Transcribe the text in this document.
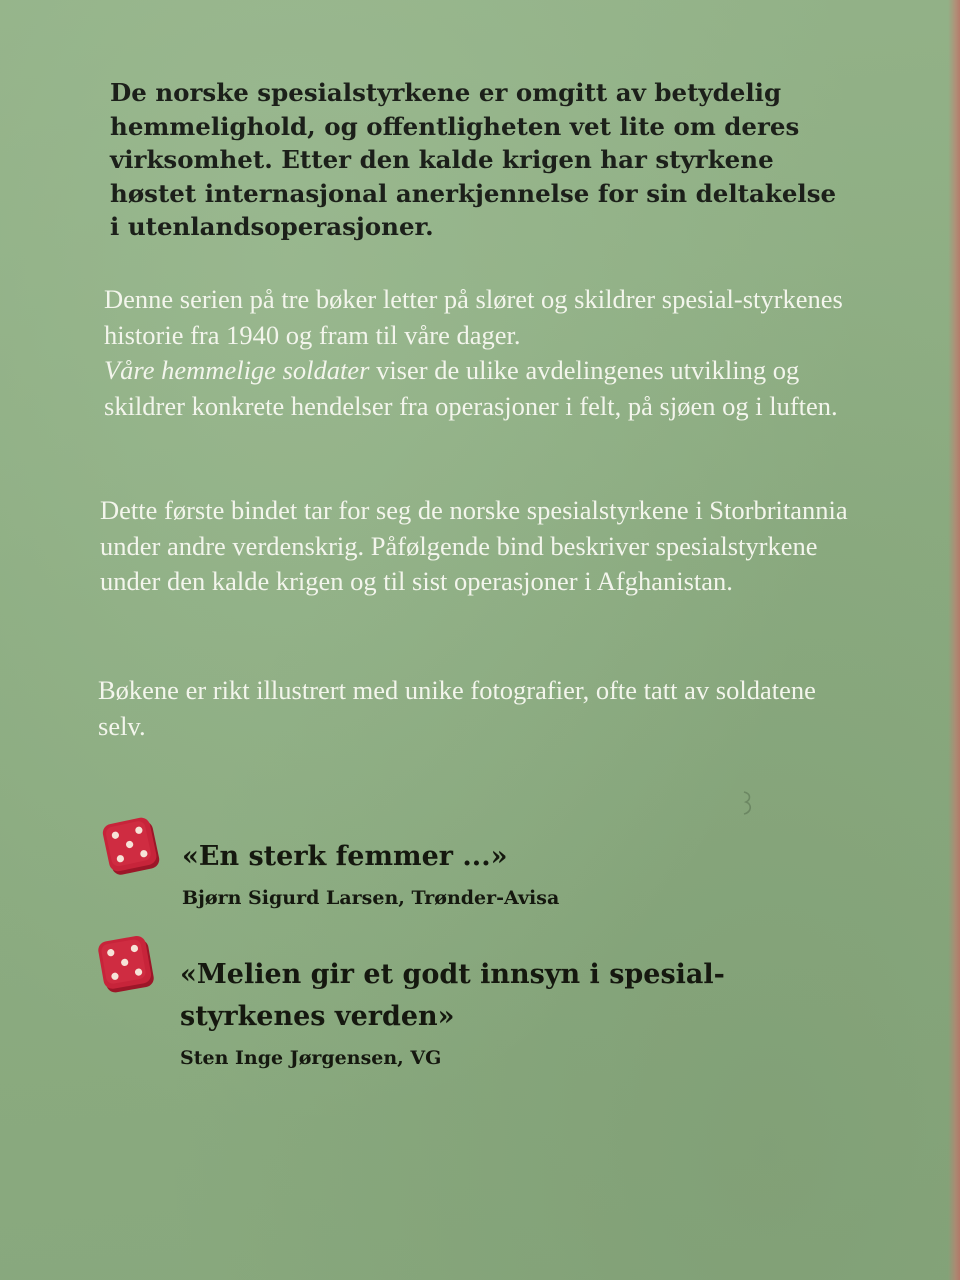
De norske spesialstyrkene er omgitt av betydelig hemmelighold, og offentligheten vet lite om deres virksomhet. Etter den kalde krigen har styrkene høstet internasjonal anerkjennelse for sin deltakelse i utenlandsoperasjoner.

Denne serien på tre bøker letter på sløret og skildrer spesial-styrkenes historie fra 1940 og fram til våre dager.
Våre hemmelige soldater viser de ulike avdelingenes utvikling og skildrer konkrete hendelser fra operasjoner i felt, på sjøen og i luften.

Dette første bindet tar for seg de norske spesialstyrkene i Storbritannia under andre verdenskrig. Påfølgende bind beskriver spesialstyrkene under den kalde krigen og til sist operasjoner i Afghanistan.

Bøkene er rikt illustrert med unike fotografier, ofte tatt av soldatene selv.

«En sterk femmer ...»

Bjørn Sigurd Larsen, Trønder-Avisa

«Melien gir et godt innsyn i spesial-styrkenes verden»

Sten Inge Jørgensen, VG
